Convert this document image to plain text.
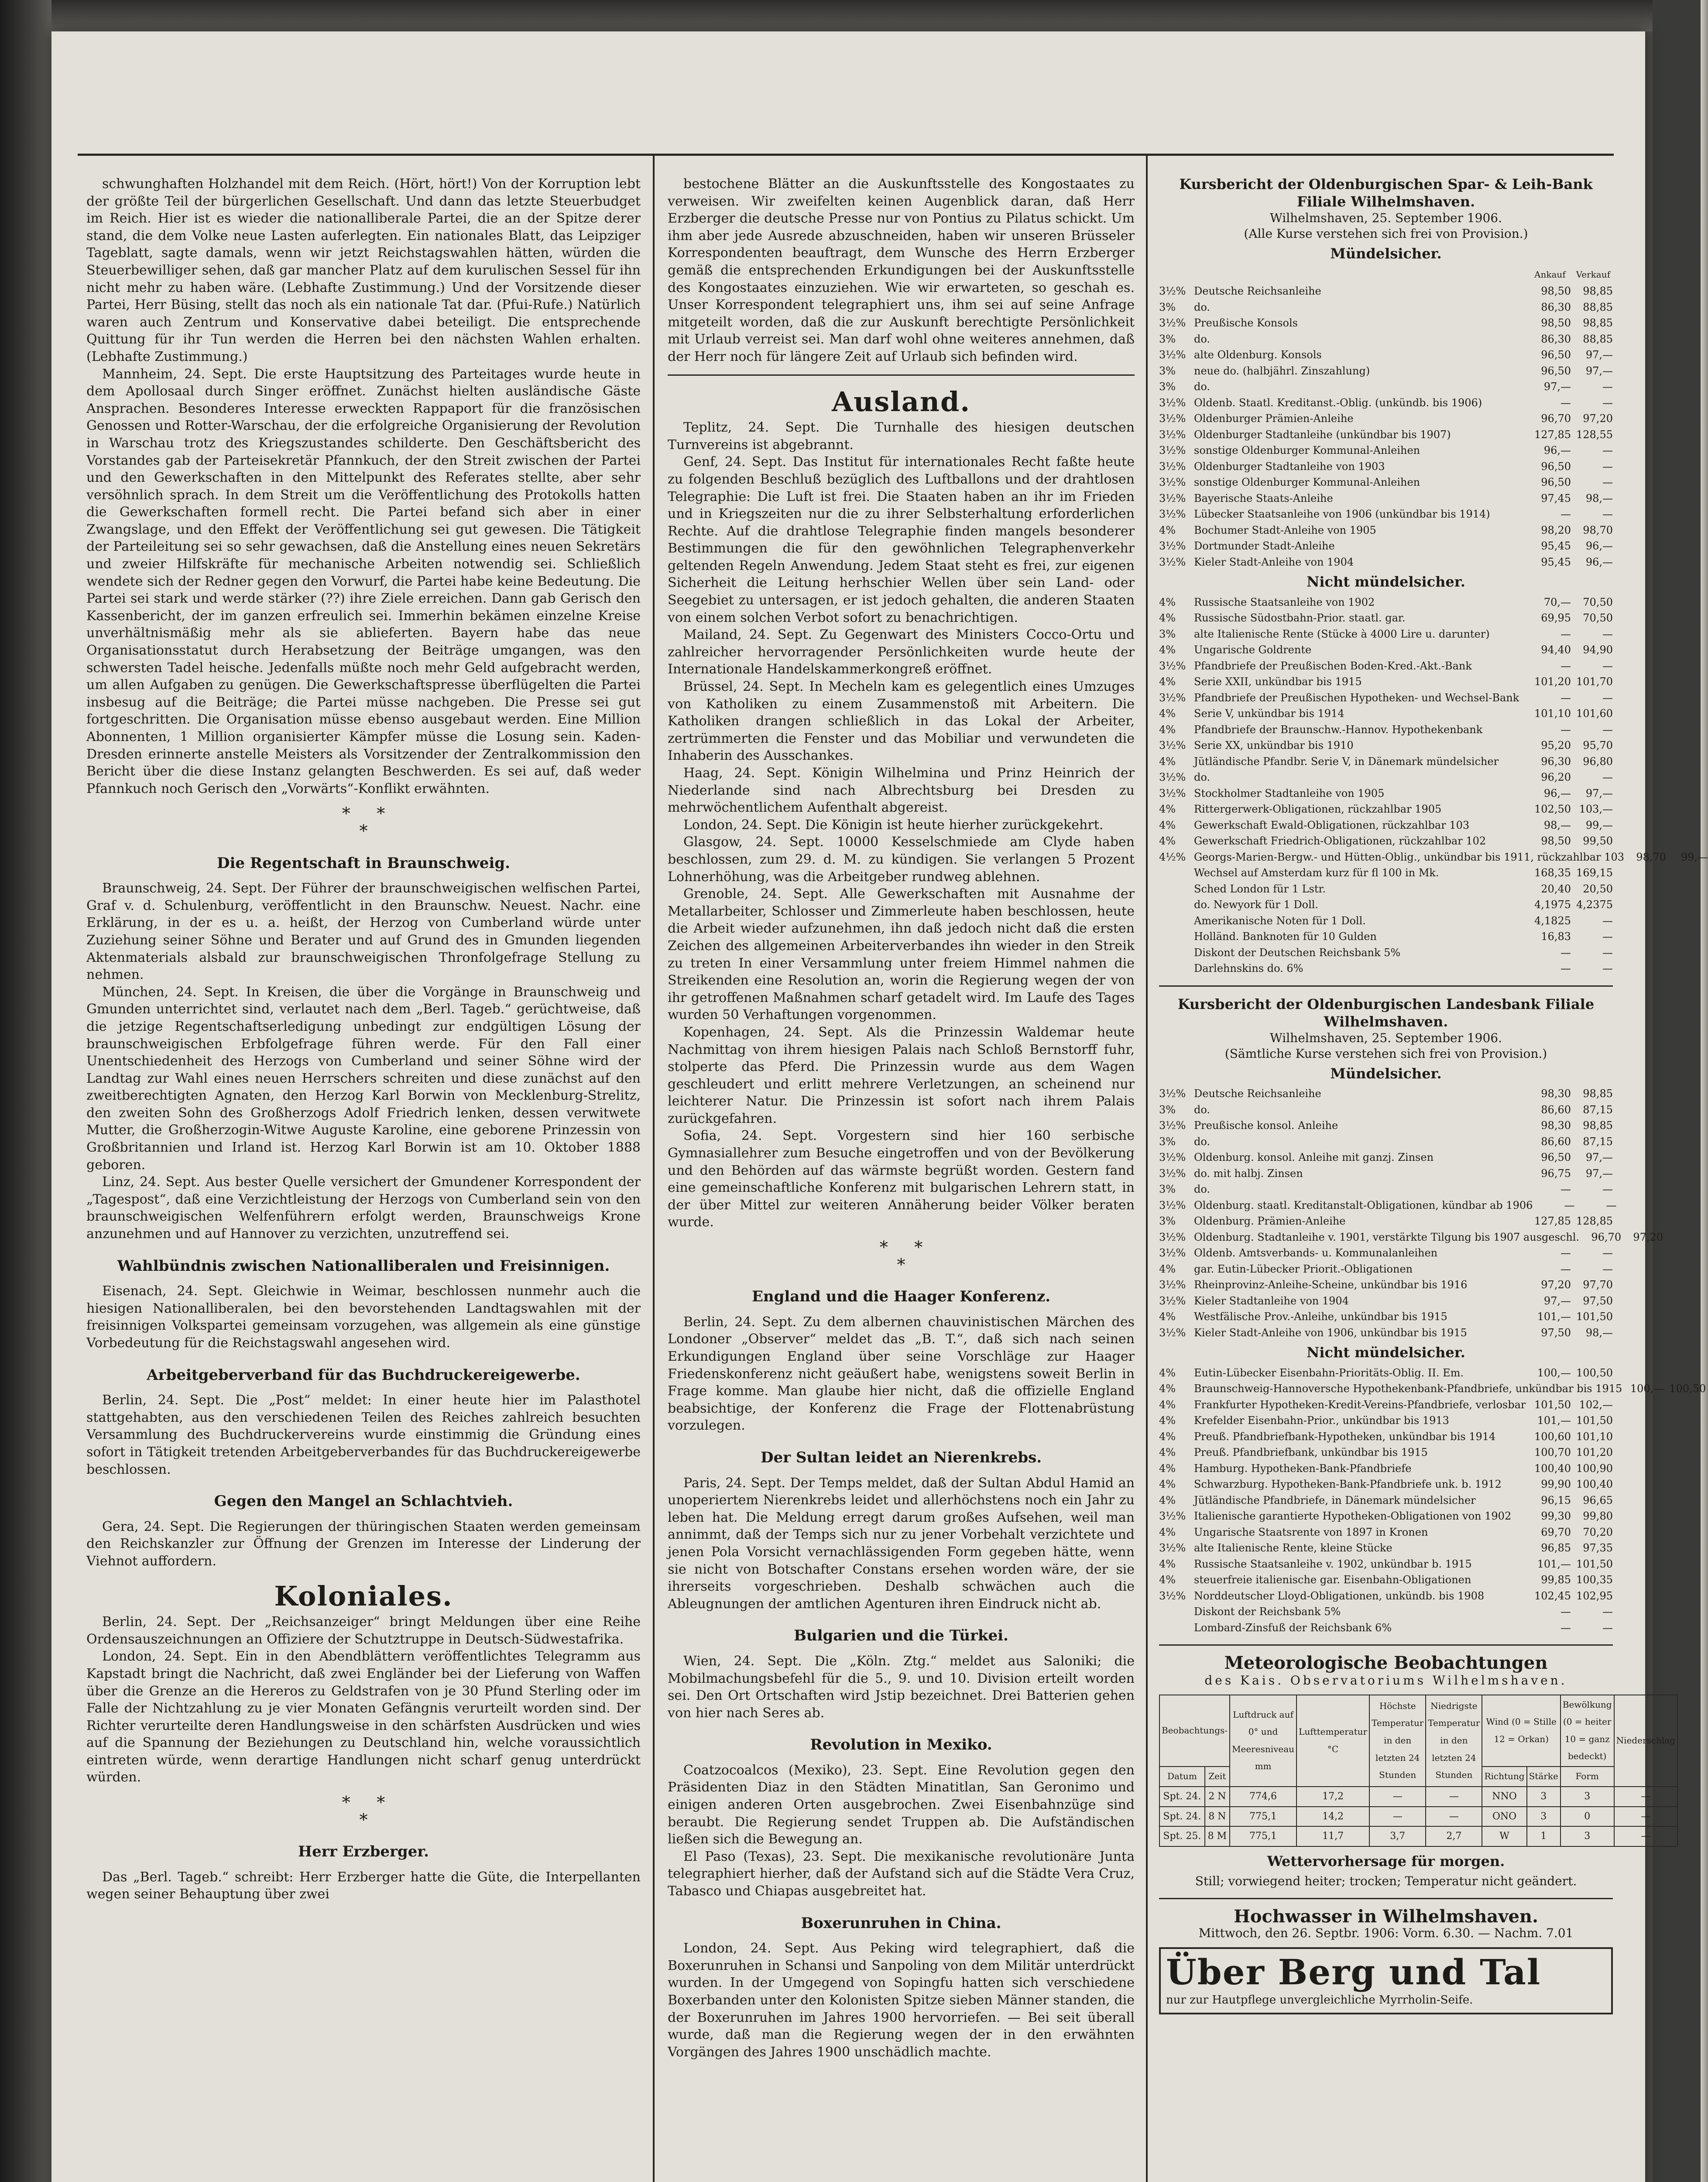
schwunghaften Holzhandel mit dem Reich. (Hört, hört!) Von der Korruption lebt der größte Teil der bürgerlichen Gesellschaft. Und dann das letzte Steuerbudget im Reich. Hier ist es wieder die nationalliberale Partei, die an der Spitze derer stand, die dem Volke neue Lasten auferlegten. Ein nationales Blatt, das Leipziger Tageblatt, sagte damals, wenn wir jetzt Reichstagswahlen hätten, würden die Steuerbewilliger sehen, daß gar mancher Platz auf dem kurulischen Sessel für ihn nicht mehr zu haben wäre. (Lebhafte Zustimmung.) Und der Vorsitzende dieser Partei, Herr Büsing, stellt das noch als ein nationale Tat dar. (Pfui-Rufe.) Natürlich waren auch Zentrum und Konservative dabei beteiligt. Die entsprechende Quittung für ihr Tun werden die Herren bei den nächsten Wahlen erhalten. (Lebhafte Zustimmung.)

Mannheim, 24. Sept. Die erste Hauptsitzung des Parteitages wurde heute in dem Apollosaal durch Singer eröffnet. Zunächst hielten ausländische Gäste Ansprachen. Besonderes Interesse erweckten Rappaport für die französischen Genossen und Rotter-Warschau, der die erfolgreiche Organisierung der Revolution in Warschau trotz des Kriegszustandes schilderte. Den Geschäftsbericht des Vorstandes gab der Parteisekretär Pfannkuch, der den Streit zwischen der Partei und den Gewerkschaften in den Mittelpunkt des Referates stellte, aber sehr versöhnlich sprach. In dem Streit um die Veröffentlichung des Protokolls hatten die Gewerkschaften formell recht. Die Partei befand sich aber in einer Zwangslage, und den Effekt der Veröffentlichung sei gut gewesen. Die Tätigkeit der Parteileitung sei so sehr gewachsen, daß die Anstellung eines neuen Sekretärs und zweier Hilfskräfte für mechanische Arbeiten notwendig sei. Schließlich wendete sich der Redner gegen den Vorwurf, die Partei habe keine Bedeutung. Die Partei sei stark und werde stärker (??) ihre Ziele erreichen. Dann gab Gerisch den Kassenbericht, der im ganzen erfreulich sei. Immerhin bekämen einzelne Kreise unverhältnismäßig mehr als sie ablieferten. Bayern habe das neue Organisationsstatut durch Herabsetzung der Beiträge umgangen, was den schwersten Tadel heische. Jedenfalls müßte noch mehr Geld aufgebracht werden, um allen Aufgaben zu genügen. Die Gewerkschaftspresse überflügelten die Partei insbesug auf die Beiträge; die Partei müsse nachgeben. Die Presse sei gut fortgeschritten. Die Organisation müsse ebenso ausgebaut werden. Eine Million Abonnenten, 1 Million organisierter Kämpfer müsse die Losung sein. Kaden-Dresden erinnerte anstelle Meisters als Vorsitzender der Zentralkommission den Bericht über die diese Instanz gelangten Beschwerden. Es sei auf, daß weder Pfannkuch noch Gerisch den „Vorwärts“-Konflikt erwähnten.

*     *
*
Die Regentschaft in Braunschweig.

Braunschweig, 24. Sept. Der Führer der braunschweigischen welfischen Partei, Graf v. d. Schulenburg, veröffentlicht in den Braunschw. Neuest. Nachr. eine Erklärung, in der es u. a. heißt, der Herzog von Cumberland würde unter Zuziehung seiner Söhne und Berater und auf Grund des in Gmunden liegenden Aktenmaterials alsbald zur braunschweigischen Thronfolgefrage Stellung zu nehmen.

München, 24. Sept. In Kreisen, die über die Vorgänge in Braunschweig und Gmunden unterrichtet sind, verlautet nach dem „Berl. Tageb.“ gerüchtweise, daß die jetzige Regentschaftserledigung unbedingt zur endgültigen Lösung der braunschweigischen Erbfolgefrage führen werde. Für den Fall einer Unentschiedenheit des Herzogs von Cumberland und seiner Söhne wird der Landtag zur Wahl eines neuen Herrschers schreiten und diese zunächst auf den zweitberechtigten Agnaten, den Herzog Karl Borwin von Mecklenburg-Strelitz, den zweiten Sohn des Großherzogs Adolf Friedrich lenken, dessen verwitwete Mutter, die Großherzogin-Witwe Auguste Karoline, eine geborene Prinzessin von Großbritannien und Irland ist. Herzog Karl Borwin ist am 10. Oktober 1888 geboren.

Linz, 24. Sept. Aus bester Quelle versichert der Gmundener Korrespondent der „Tagespost“, daß eine Verzichtleistung der Herzogs von Cumberland sein von den braunschweigischen Welfenführern erfolgt werden, Braunschweigs Krone anzunehmen und auf Hannover zu verzichten, unzutreffend sei.

Wahlbündnis zwischen Nationalliberalen und Freisinnigen.

Eisenach, 24. Sept. Gleichwie in Weimar, beschlossen nunmehr auch die hiesigen Nationalliberalen, bei den bevorstehenden Landtagswahlen mit der freisinnigen Volkspartei gemeinsam vorzugehen, was allgemein als eine günstige Vorbedeutung für die Reichstagswahl angesehen wird.

Arbeitgeberverband für das Buchdruckereigewerbe.

Berlin, 24. Sept. Die „Post“ meldet: In einer heute hier im Palasthotel stattgehabten, aus den verschiedenen Teilen des Reiches zahlreich besuchten Versammlung des Buchdruckervereins wurde einstimmig die Gründung eines sofort in Tätigkeit tretenden Arbeitgeberverbandes für das Buchdruckereigewerbe beschlossen.

Gegen den Mangel an Schlachtvieh.

Gera, 24. Sept. Die Regierungen der thüringischen Staaten werden gemeinsam den Reichskanzler zur Öffnung der Grenzen im Interesse der Linderung der Viehnot auffordern.

Koloniales.

Berlin, 24. Sept. Der „Reichsanzeiger“ bringt Meldungen über eine Reihe Ordensauszeichnungen an Offiziere der Schutztruppe in Deutsch-Südwestafrika.

London, 24. Sept. Ein in den Abendblättern veröffentlichtes Telegramm aus Kapstadt bringt die Nachricht, daß zwei Engländer bei der Lieferung von Waffen über die Grenze an die Hereros zu Geldstrafen von je 30 Pfund Sterling oder im Falle der Nichtzahlung zu je vier Monaten Gefängnis verurteilt worden sind. Der Richter verurteilte deren Handlungsweise in den schärfsten Ausdrücken und wies auf die Spannung der Beziehungen zu Deutschland hin, welche voraussichtlich eintreten würde, wenn derartige Handlungen nicht scharf genug unterdrückt würden.

*     *
*
Herr Erzberger.

Das „Berl. Tageb.“ schreibt: Herr Erzberger hatte die Güte, die Interpellanten wegen seiner Behauptung über zwei

bestochene Blätter an die Auskunftsstelle des Kongostaates zu verweisen. Wir zweifelten keinen Augenblick daran, daß Herr Erzberger die deutsche Presse nur von Pontius zu Pilatus schickt. Um ihm aber jede Ausrede abzuschneiden, haben wir unseren Brüsseler Korrespondenten beauftragt, dem Wunsche des Herrn Erzberger gemäß die entsprechenden Erkundigungen bei der Auskunftsstelle des Kongostaates einzuziehen. Wie wir erwarteten, so geschah es. Unser Korrespondent telegraphiert uns, ihm sei auf seine Anfrage mitgeteilt worden, daß die zur Auskunft berechtigte Persönlichkeit mit Urlaub verreist sei. Man darf wohl ohne weiteres annehmen, daß der Herr noch für längere Zeit auf Urlaub sich befinden wird.

Ausland.

Teplitz, 24. Sept. Die Turnhalle des hiesigen deutschen Turnvereins ist abgebrannt.

Genf, 24. Sept. Das Institut für internationales Recht faßte heute zu folgenden Beschluß bezüglich des Luftballons und der drahtlosen Telegraphie: Die Luft ist frei. Die Staaten haben an ihr im Frieden und in Kriegszeiten nur die zu ihrer Selbsterhaltung erforderlichen Rechte. Auf die drahtlose Telegraphie finden mangels besonderer Bestimmungen die für den gewöhnlichen Telegraphenverkehr geltenden Regeln Anwendung. Jedem Staat steht es frei, zur eigenen Sicherheit die Leitung herhschier Wellen über sein Land- oder Seegebiet zu untersagen, er ist jedoch gehalten, die anderen Staaten von einem solchen Verbot sofort zu benachrichtigen.

Mailand, 24. Sept. Zu Gegenwart des Ministers Cocco-Ortu und zahlreicher hervorragender Persönlichkeiten wurde heute der Internationale Handelskammerkongreß eröffnet.

Brüssel, 24. Sept. In Mecheln kam es gelegentlich eines Umzuges von Katholiken zu einem Zusammenstoß mit Arbeitern. Die Katholiken drangen schließlich in das Lokal der Arbeiter, zertrümmerten die Fenster und das Mobiliar und verwundeten die Inhaberin des Ausschankes.

Haag, 24. Sept. Königin Wilhelmina und Prinz Heinrich der Niederlande sind nach Albrechtsburg bei Dresden zu mehrwöchentlichem Aufenthalt abgereist.

London, 24. Sept. Die Königin ist heute hierher zurückgekehrt.

Glasgow, 24. Sept. 10000 Kesselschmiede am Clyde haben beschlossen, zum 29. d. M. zu kündigen. Sie verlangen 5 Prozent Lohnerhöhung, was die Arbeitgeber rundweg ablehnen.

Grenoble, 24. Sept. Alle Gewerkschaften mit Ausnahme der Metallarbeiter, Schlosser und Zimmerleute haben beschlossen, heute die Arbeit wieder aufzunehmen, ihn daß jedoch nicht daß die ersten Zeichen des allgemeinen Arbeiterverbandes ihn wieder in den Streik zu treten In einer Versammlung unter freiem Himmel nahmen die Streikenden eine Resolution an, worin die Regierung wegen der von ihr getroffenen Maßnahmen scharf getadelt wird. Im Laufe des Tages wurden 50 Verhaftungen vorgenommen.

Kopenhagen, 24. Sept. Als die Prinzessin Waldemar heute Nachmittag von ihrem hiesigen Palais nach Schloß Bernstorff fuhr, stolperte das Pferd. Die Prinzessin wurde aus dem Wagen geschleudert und erlitt mehrere Verletzungen, an scheinend nur leichterer Natur. Die Prinzessin ist sofort nach ihrem Palais zurückgefahren.

Sofia, 24. Sept. Vorgestern sind hier 160 serbische Gymnasiallehrer zum Besuche eingetroffen und von der Bevölkerung und den Behörden auf das wärmste begrüßt worden. Gestern fand eine gemeinschaftliche Konferenz mit bulgarischen Lehrern statt, in der über Mittel zur weiteren Annäherung beider Völker beraten wurde.

*     *
*
England und die Haager Konferenz.

Berlin, 24. Sept. Zu dem albernen chauvinistischen Märchen des Londoner „Observer“ meldet das „B. T.“, daß sich nach seinen Erkundigungen England über seine Vorschläge zur Haager Friedenskonferenz nicht geäußert habe, wenigstens soweit Berlin in Frage komme. Man glaube hier nicht, daß die offizielle England beabsichtige, der Konferenz die Frage der Flottenabrüstung vorzulegen.

Der Sultan leidet an Nierenkrebs.

Paris, 24. Sept. Der Temps meldet, daß der Sultan Abdul Hamid an unoperiertem Nierenkrebs leidet und allerhöchstens noch ein Jahr zu leben hat. Die Meldung erregt darum großes Aufsehen, weil man annimmt, daß der Temps sich nur zu jener Vorbehalt verzichtete und jenen Pola Vorsicht vernachlässigenden Form gegeben hätte, wenn sie nicht von Botschafter Constans ersehen worden wäre, der sie ihrerseits vorgeschrieben. Deshalb schwächen auch die Ableugnungen der amtlichen Agenturen ihren Eindruck nicht ab.

Bulgarien und die Türkei.

Wien, 24. Sept. Die „Köln. Ztg.“ meldet aus Saloniki; die Mobilmachungsbefehl für die 5., 9. und 10. Division erteilt worden sei. Den Ort Ortschaften wird Jstip bezeichnet. Drei Batterien gehen von hier nach Seres ab.

Revolution in Mexiko.

Coatzocoalcos (Mexiko), 23. Sept. Eine Revolution gegen den Präsidenten Diaz in den Städten Minatitlan, San Geronimo und einigen anderen Orten ausgebrochen. Zwei Eisenbahnzüge sind beraubt. Die Regierung sendet Truppen ab. Die Aufständischen ließen sich die Bewegung an.

El Paso (Texas), 23. Sept. Die mexikanische revolutionäre Junta telegraphiert hierher, daß der Aufstand sich auf die Städte Vera Cruz, Tabasco und Chiapas ausgebreitet hat.

Boxerunruhen in China.

London, 24. Sept. Aus Peking wird telegraphiert, daß die Boxerunruhen in Schansi und Sanpoling von dem Militär unterdrückt wurden. In der Umgegend von Sopingfu hatten sich verschiedene Boxerbanden unter den Kolonisten Spitze sieben Männer standen, die der Boxerunruhen im Jahres 1900 hervorriefen. — Bei seit überall wurde, daß man die Regierung wegen der in den erwähnten Vorgängen des Jahres 1900 unschädlich machte.

Kursbericht der Oldenburgischen Spar- & Leih-Bank Filiale Wilhelmshaven.
Wilhelmshaven, 25. September 1906.
(Alle Kurse verstehen sich frei von Provision.)
Mündelsicher.
Ankauf Verkauf
3½% Deutsche Reichsanleihe	98,50	98,85
3%	do.	86,30	88,85
3½% Preußische Konsols	98,50	98,85
3%	do.	86,30	88,85
3½% alte Oldenburg. Konsols	96,50	97,—
3%	neue do. (halbjährl. Zinszahlung)	96,50	97,—
3%	do.	97,—	—
3½% Oldenb. Staatl. Kreditanst.-Oblig. (unkündb. bis 1906)	—	—
3½% Oldenburger Prämien-Anleihe	96,70	97,20
3½% Oldenburger Stadtanleihe (unkündbar bis 1907)	127,85 128,55
3½% sonstige Oldenburger Kommunal-Anleihen	96,—	—
3½% Oldenburger Stadtanleihe von 1903	96,50	—
3½% sonstige Oldenburger Kommunal-Anleihen	96,50	—
3½% Bayerische Staats-Anleihe	97,45	98,—
3½% Lübecker Staatsanleihe von 1906 (unkündbar bis 1914)	—	—
4%	Bochumer Stadt-Anleihe von 1905	98,20	98,70
3½% Dortmunder Stadt-Anleihe	95,45	96,—
3½% Kieler Stadt-Anleihe von 1904	95,45	96,—
Nicht mündelsicher.
4%	Russische Staatsanleihe von 1902	70,—	70,50
4%	Russische Südostbahn-Prior. staatl. gar.	69,95	70,50
3%	alte Italienische Rente (Stücke à 4000 Lire u. darunter)	—	—
4%	Ungarische Goldrente	94,40	94,90
3½% Pfandbriefe der Preußischen Boden-Kred.-Akt.-Bank	—	—
4%	Serie XXII, unkündbar bis 1915	101,20 101,70
3½% Pfandbriefe der Preußischen Hypotheken- und Wechsel-Bank	—	—
4%	Serie V, unkündbar bis 1914	101,10 101,60
4%	Pfandbriefe der Braunschw.-Hannov. Hypothekenbank	—	—
3½% Serie XX, unkündbar bis 1910	95,20	95,70
4%	Jütländische Pfandbr. Serie V, in Dänemark mündelsicher	96,30	96,80
3½% do.	96,20	—
3½% Stockholmer Stadtanleihe von 1905	96,—	97,—
4%	Rittergerwerk-Obligationen, rückzahlbar 1905	102,50 103,—
4%	Gewerkschaft Ewald-Obligationen, rückzahlbar 103	98,—	99,—
4%	Gewerkschaft Friedrich-Obligationen, rückzahlbar 102	98,50	99,50
4½% Georgs-Marien-Bergw.- und Hütten-Oblig., unkündbar bis 1911, rückzahlbar 103	98,70	99,—
Wechsel auf Amsterdam kurz für fl 100 in Mk.	168,35 169,15
Sched London für 1 Lstr.	20,40	20,50
do. Newyork für 1 Doll.	4,1975 4,2375
Amerikanische Noten für 1 Doll.	4,1825	—
Holländ. Banknoten für 10 Gulden	16,83	—
Diskont der Deutschen Reichsbank 5%	—	—
Darlehnskins do. 6%	—	—
Kursbericht der Oldenburgischen Landesbank Filiale Wilhelmshaven.
Wilhelmshaven, 25. September 1906.
(Sämtliche Kurse verstehen sich frei von Provision.)
Mündelsicher.
3½% Deutsche Reichsanleihe	98,30	98,85
3%	do.	86,60	87,15
3½% Preußische konsol. Anleihe	98,30	98,85
3%	do.	86,60	87,15
3½% Oldenburg. konsol. Anleihe mit ganzj. Zinsen	96,50	97,—
3½% do. mit halbj. Zinsen	96,75	97,—
3%	do.	—	—
3½% Oldenburg. staatl. Kreditanstalt-Obligationen, kündbar ab 1906	—	—
3%	Oldenburg. Prämien-Anleihe	127,85 128,85
3½% Oldenburg. Stadtanleihe v. 1901, verstärkte Tilgung bis 1907 ausgeschl.	96,70	97,20
3½% Oldenb. Amtsverbands- u. Kommunalanleihen	—	—
4%	gar. Eutin-Lübecker Priorit.-Obligationen	—	—
3½% Rheinprovinz-Anleihe-Scheine, unkündbar bis 1916	97,20	97,70
3½% Kieler Stadtanleihe von 1904	97,—	97,50
4%	Westfälische Prov.-Anleihe, unkündbar bis 1915	101,— 101,50
3½% Kieler Stadt-Anleihe von 1906, unkündbar bis 1915	97,50	98,—
Nicht mündelsicher.
4%	Eutin-Lübecker Eisenbahn-Prioritäts-Oblig. II. Em.	100,— 100,50
4%	Braunschweig-Hannoversche Hypothekenbank-Pfandbriefe, unkündbar bis 1915 100,— 100,50
4%	Frankfurter Hypotheken-Kredit-Vereins-Pfandbriefe, verlosbar 101,50 102,—
4%	Krefelder Eisenbahn-Prior., unkündbar bis 1913	101,— 101,50
4%	Preuß. Pfandbriefbank-Hypotheken, unkündbar bis 1914	100,60 101,10
4%	Preuß. Pfandbriefbank, unkündbar bis 1915	100,70 101,20
4%	Hamburg. Hypotheken-Bank-Pfandbriefe	100,40 100,90
4%	Schwarzburg. Hypotheken-Bank-Pfandbriefe unk. b. 1912	99,90 100,40
4%	Jütländische Pfandbriefe, in Dänemark mündelsicher	96,15	96,65
3½% Italienische garantierte Hypotheken-Obligationen von 1902	99,30	99,80
4%	Ungarische Staatsrente von 1897 in Kronen	69,70	70,20
3½% alte Italienische Rente, kleine Stücke	96,85	97,35
4%	Russische Staatsanleihe v. 1902, unkündbar b. 1915	101,— 101,50
4%	steuerfreie italienische gar. Eisenbahn-Obligationen	99,85 100,35
3½% Norddeutscher Lloyd-Obligationen, unkündb. bis 1908	102,45 102,95
Diskont der Reichsbank 5%	—	—
Lombard-Zinsfuß der Reichsbank 6%	—	—
Meteorologische Beobachtungen
des Kais. Observatoriums Wilhelmshaven.
Beobachtungs-		Luftdruck auf 0° und Meeresniveau mm	Lufttemperatur °C	Höchste Temperatur in den letzten 24 Stunden	Niedrigste Temperatur in den letzten 24 Stunden	Wind (0 = Stille 12 = Orkan)		Bewölkung (0 = heiter 10 = ganz bedeckt)	Niederschlag
Datum	Zeit					Richtung	Stärke	Form	
Spt. 24.	2 N	774,6	17,2	—	—	NNO	3	3	—
Spt. 24.	8 N	775,1	14,2	—	—	ONO	3	0	—
Spt. 25.	8 M	775,1	11,7	3,7	2,7	W	1	3	—
Wettervorhersage für morgen.
Still; vorwiegend heiter; trocken; Temperatur nicht geändert.
Hochwasser in Wilhelmshaven.
Mittwoch, den 26. Septbr. 1906: Vorm. 6.30. — Nachm. 7.01
Über Berg und Tal
nur zur Hautpflege unvergleichliche Myrrholin-Seife.
